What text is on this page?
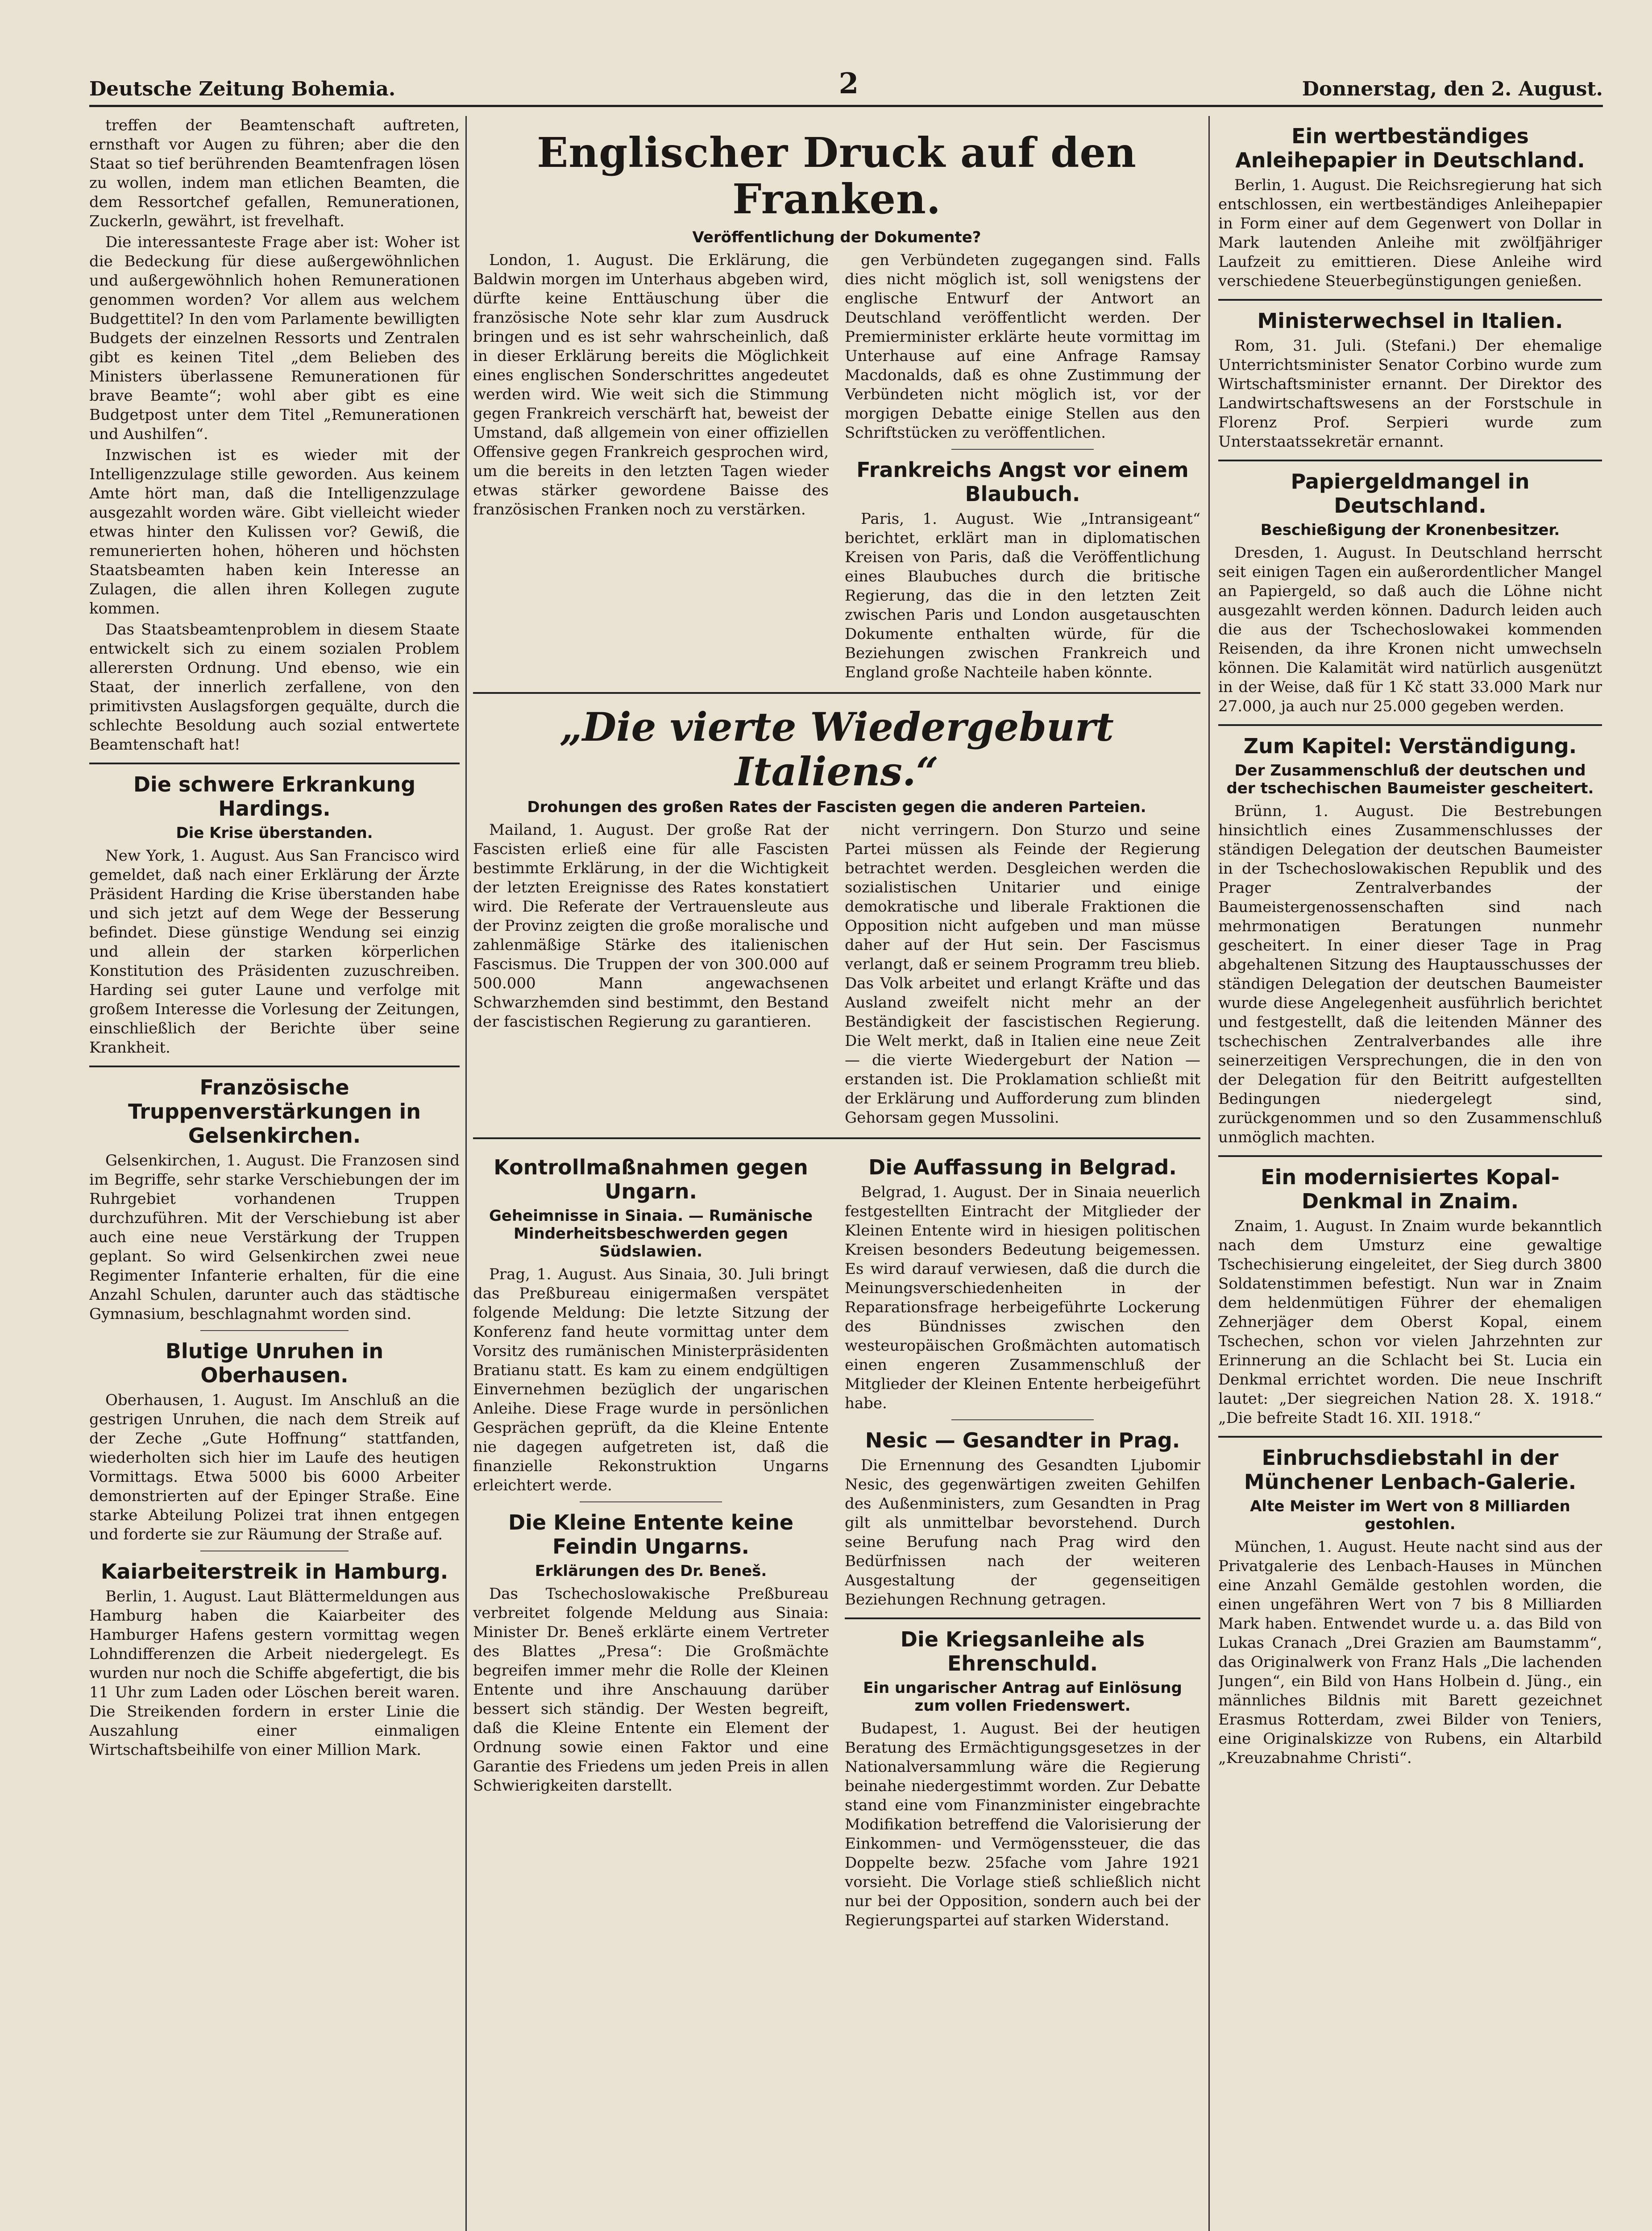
Deutsche Zeitung Bohemia.	2	Donnerstag, den 2. August.

treffen der Beamtenschaft auftreten, ernsthaft vor Augen zu führen; aber die den Staat so tief berührenden Beamtenfragen lösen zu wollen, indem man etlichen Beamten, die dem Ressortchef gefallen, Remunerationen, Zuckerln, gewährt, ist frevelhaft.

Die interessanteste Frage aber ist: Woher ist die Bedeckung für diese außergewöhnlichen und außergewöhnlich hohen Remunerationen genommen worden? Vor allem aus welchem Budgettitel? In den vom Parlamente bewilligten Budgets der einzelnen Ressorts und Zentralen gibt es keinen Titel „dem Belieben des Ministers überlassene Remunerationen für brave Beamte“; wohl aber gibt es eine Budgetpost unter dem Titel „Remunerationen und Aushilfen“.

Inzwischen ist es wieder mit der Intelligenzzulage stille geworden. Aus keinem Amte hört man, daß die Intelligenzzulage ausgezahlt worden wäre. Gibt vielleicht wieder etwas hinter den Kulissen vor? Gewiß, die remunerierten hohen, höheren und höchsten Staatsbeamten haben kein Interesse an Zulagen, die allen ihren Kollegen zugute kommen.

Das Staatsbeamtenproblem in diesem Staate entwickelt sich zu einem sozialen Problem allerersten Ordnung. Und ebenso, wie ein Staat, der innerlich zerfallene, von den primitivsten Auslagsforgen gequälte, durch die schlechte Besoldung auch sozial entwertete Beamtenschaft hat!

Die schwere Erkrankung Hardings.
Die Krise überstanden.

New York, 1. August. Aus San Francisco wird gemeldet, daß nach einer Erklärung der Ärzte Präsident Harding die Krise überstanden habe und sich jetzt auf dem Wege der Besserung befindet. Diese günstige Wendung sei einzig und allein der starken körperlichen Konstitution des Präsidenten zuzuschreiben. Harding sei guter Laune und verfolge mit großem Interesse die Vorlesung der Zeitungen, einschließlich der Berichte über seine Krankheit.

Französische Truppenverstärkungen in Gelsenkirchen.

Gelsenkirchen, 1. August. Die Franzosen sind im Begriffe, sehr starke Verschiebungen der im Ruhrgebiet vorhandenen Truppen durchzuführen. Mit der Verschiebung ist aber auch eine neue Verstärkung der Truppen geplant. So wird Gelsenkirchen zwei neue Regimenter Infanterie erhalten, für die eine Anzahl Schulen, darunter auch das städtische Gymnasium, beschlagnahmt worden sind.

Blutige Unruhen in Oberhausen.

Oberhausen, 1. August. Im Anschluß an die gestrigen Unruhen, die nach dem Streik auf der Zeche „Gute Hoffnung“ stattfanden, wiederholten sich hier im Laufe des heutigen Vormittags. Etwa 5000 bis 6000 Arbeiter demonstrierten auf der Epinger Straße. Eine starke Abteilung Polizei trat ihnen entgegen und forderte sie zur Räumung der Straße auf.

Kaiarbeiterstreik in Hamburg.

Berlin, 1. August. Laut Blättermeldungen aus Hamburg haben die Kaiarbeiter des Hamburger Hafens gestern vormittag wegen Lohndifferenzen die Arbeit niedergelegt. Es wurden nur noch die Schiffe abgefertigt, die bis 11 Uhr zum Laden oder Löschen bereit waren. Die Streikenden fordern in erster Linie die Auszahlung einer einmaligen Wirtschaftsbeihilfe von einer Million Mark.

Englischer Druck auf den Franken.
Veröffentlichung der Dokumente?

London, 1. August. Die Erklärung, die Baldwin morgen im Unterhaus abgeben wird, dürfte keine Enttäuschung über die französische Note sehr klar zum Ausdruck bringen und es ist sehr wahrscheinlich, daß in dieser Erklärung bereits die Möglichkeit eines englischen Sonderschrittes angedeutet werden wird. Wie weit sich die Stimmung gegen Frankreich verschärft hat, beweist der Umstand, daß allgemein von einer offiziellen Offensive gegen Frankreich gesprochen wird, um die bereits in den letzten Tagen wieder etwas stärker gewordene Baisse des französischen Franken noch zu verstärken.

gen Verbündeten zugegangen sind. Falls dies nicht möglich ist, soll wenigstens der englische Entwurf der Antwort an Deutschland veröffentlicht werden. Der Premierminister erklärte heute vormittag im Unterhause auf eine Anfrage Ramsay Macdonalds, daß es ohne Zustimmung der Verbündeten nicht möglich ist, vor der morgigen Debatte einige Stellen aus den Schriftstücken zu veröffentlichen.

Frankreichs Angst vor einem Blaubuch.

Paris, 1. August. Wie „Intransigeant“ berichtet, erklärt man in diplomatischen Kreisen von Paris, daß die Veröffentlichung eines Blaubuches durch die britische Regierung, das die in den letzten Zeit zwischen Paris und London ausgetauschten Dokumente enthalten würde, für die Beziehungen zwischen Frankreich und England große Nachteile haben könnte.

„Die vierte Wiedergeburt Italiens.“
Drohungen des großen Rates der Fascisten gegen die anderen Parteien.

Mailand, 1. August. Der große Rat der Fascisten erließ eine für alle Fascisten bestimmte Erklärung, in der die Wichtigkeit der letzten Ereignisse des Rates konstatiert wird. Die Referate der Vertrauensleute aus der Provinz zeigten die große moralische und zahlenmäßige Stärke des italienischen Fascismus. Die Truppen der von 300.000 auf 500.000 Mann angewachsenen Schwarzhemden sind bestimmt, den Bestand der fascistischen Regierung zu garantieren.

nicht verringern. Don Sturzo und seine Partei müssen als Feinde der Regierung betrachtet werden. Desgleichen werden die sozialistischen Unitarier und einige demokratische und liberale Fraktionen die Opposition nicht aufgeben und man müsse daher auf der Hut sein. Der Fascismus verlangt, daß er seinem Programm treu blieb. Das Volk arbeitet und erlangt Kräfte und das Ausland zweifelt nicht mehr an der Beständigkeit der fascistischen Regierung. Die Welt merkt, daß in Italien eine neue Zeit — die vierte Wiedergeburt der Nation — erstanden ist. Die Proklamation schließt mit der Erklärung und Aufforderung zum blinden Gehorsam gegen Mussolini.

Kontrollmaßnahmen gegen Ungarn.
Geheimnisse in Sinaia. — Rumänische Minderheitsbeschwerden gegen Südslawien.

Prag, 1. August. Aus Sinaia, 30. Juli bringt das Preßbureau einigermaßen verspätet folgende Meldung: Die letzte Sitzung der Konferenz fand heute vormittag unter dem Vorsitz des rumänischen Ministerpräsidenten Bratianu statt. Es kam zu einem endgültigen Einvernehmen bezüglich der ungarischen Anleihe. Diese Frage wurde in persönlichen Gesprächen geprüft, da die Kleine Entente nie dagegen aufgetreten ist, daß die finanzielle Rekonstruktion Ungarns erleichtert werde.

Die Kleine Entente keine Feindin Ungarns.
Erklärungen des Dr. Beneš.

Das Tschechoslowakische Preßbureau verbreitet folgende Meldung aus Sinaia: Minister Dr. Beneš erklärte einem Vertreter des Blattes „Presa“: Die Großmächte begreifen immer mehr die Rolle der Kleinen Entente und ihre Anschauung darüber bessert sich ständig. Der Westen begreift, daß die Kleine Entente ein Element der Ordnung sowie einen Faktor und eine Garantie des Friedens um jeden Preis in allen Schwierigkeiten darstellt.

Die Auffassung in Belgrad.

Belgrad, 1. August. Der in Sinaia neuerlich festgestellten Eintracht der Mitglieder der Kleinen Entente wird in hiesigen politischen Kreisen besonders Bedeutung beigemessen. Es wird darauf verwiesen, daß die durch die Meinungsverschiedenheiten in der Reparationsfrage herbeigeführte Lockerung des Bündnisses zwischen den westeuropäischen Großmächten automatisch einen engeren Zusammenschluß der Mitglieder der Kleinen Entente herbeigeführt habe.

Nesic — Gesandter in Prag.

Die Ernennung des Gesandten Ljubomir Nesic, des gegenwärtigen zweiten Gehilfen des Außenministers, zum Gesandten in Prag gilt als unmittelbar bevorstehend. Durch seine Berufung nach Prag wird den Bedürfnissen nach der weiteren Ausgestaltung der gegenseitigen Beziehungen Rechnung getragen.

Die Kriegsanleihe als Ehrenschuld.
Ein ungarischer Antrag auf Einlösung zum vollen Friedenswert.

Budapest, 1. August. Bei der heutigen Beratung des Ermächtigungsgesetzes in der Nationalversammlung wäre die Regierung beinahe niedergestimmt worden. Zur Debatte stand eine vom Finanzminister eingebrachte Modifikation betreffend die Valorisierung der Einkommen- und Vermögenssteuer, die das Doppelte bezw. 25fache vom Jahre 1921 vorsieht. Die Vorlage stieß schließlich nicht nur bei der Opposition, sondern auch bei der Regierungspartei auf starken Widerstand.

Ein wertbeständiges Anleihepapier in Deutschland.

Berlin, 1. August. Die Reichsregierung hat sich entschlossen, ein wertbeständiges Anleihepapier in Form einer auf dem Gegenwert von Dollar in Mark lautenden Anleihe mit zwölfjähriger Laufzeit zu emittieren. Diese Anleihe wird verschiedene Steuerbegünstigungen genießen.

Ministerwechsel in Italien.

Rom, 31. Juli. (Stefani.) Der ehemalige Unterrichtsminister Senator Corbino wurde zum Wirtschaftsminister ernannt. Der Direktor des Landwirtschaftswesens an der Forstschule in Florenz Prof. Serpieri wurde zum Unterstaatssekretär ernannt.

Papiergeldmangel in Deutschland.
Beschießigung der Kronenbesitzer.

Dresden, 1. August. In Deutschland herrscht seit einigen Tagen ein außerordentlicher Mangel an Papiergeld, so daß auch die Löhne nicht ausgezahlt werden können. Dadurch leiden auch die aus der Tschechoslowakei kommenden Reisenden, da ihre Kronen nicht umwechseln können. Die Kalamität wird natürlich ausgenützt in der Weise, daß für 1 Kč statt 33.000 Mark nur 27.000, ja auch nur 25.000 gegeben werden.

Zum Kapitel: Verständigung.
Der Zusammenschluß der deutschen und der tschechischen Baumeister gescheitert.

Brünn, 1. August. Die Bestrebungen hinsichtlich eines Zusammenschlusses der ständigen Delegation der deutschen Baumeister in der Tschechoslowakischen Republik und des Prager Zentralverbandes der Baumeistergenossenschaften sind nach mehrmonatigen Beratungen nunmehr gescheitert. In einer dieser Tage in Prag abgehaltenen Sitzung des Hauptausschusses der ständigen Delegation der deutschen Baumeister wurde diese Angelegenheit ausführlich berichtet und festgestellt, daß die leitenden Männer des tschechischen Zentralverbandes alle ihre seinerzeitigen Versprechungen, die in den von der Delegation für den Beitritt aufgestellten Bedingungen niedergelegt sind, zurückgenommen und so den Zusammenschluß unmöglich machten.

Ein modernisiertes Kopal-Denkmal in Znaim.

Znaim, 1. August. In Znaim wurde bekanntlich nach dem Umsturz eine gewaltige Tschechisierung eingeleitet, der Sieg durch 3800 Soldatenstimmen befestigt. Nun war in Znaim dem heldenmütigen Führer der ehemaligen Zehnerjäger dem Oberst Kopal, einem Tschechen, schon vor vielen Jahrzehnten zur Erinnerung an die Schlacht bei St. Lucia ein Denkmal errichtet worden. Die neue Inschrift lautet: „Der siegreichen Nation 28. X. 1918.“ „Die befreite Stadt 16. XII. 1918.“

Einbruchsdiebstahl in der Münchener Lenbach-Galerie.
Alte Meister im Wert von 8 Milliarden gestohlen.

München, 1. August. Heute nacht sind aus der Privatgalerie des Lenbach-Hauses in München eine Anzahl Gemälde gestohlen worden, die einen ungefähren Wert von 7 bis 8 Milliarden Mark haben. Entwendet wurde u. a. das Bild von Lukas Cranach „Drei Grazien am Baumstamm“, das Originalwerk von Franz Hals „Die lachenden Jungen“, ein Bild von Hans Holbein d. Jüng., ein männliches Bildnis mit Barett gezeichnet Erasmus Rotterdam, zwei Bilder von Teniers, eine Originalskizze von Rubens, ein Altarbild „Kreuzabnahme Christi“.
